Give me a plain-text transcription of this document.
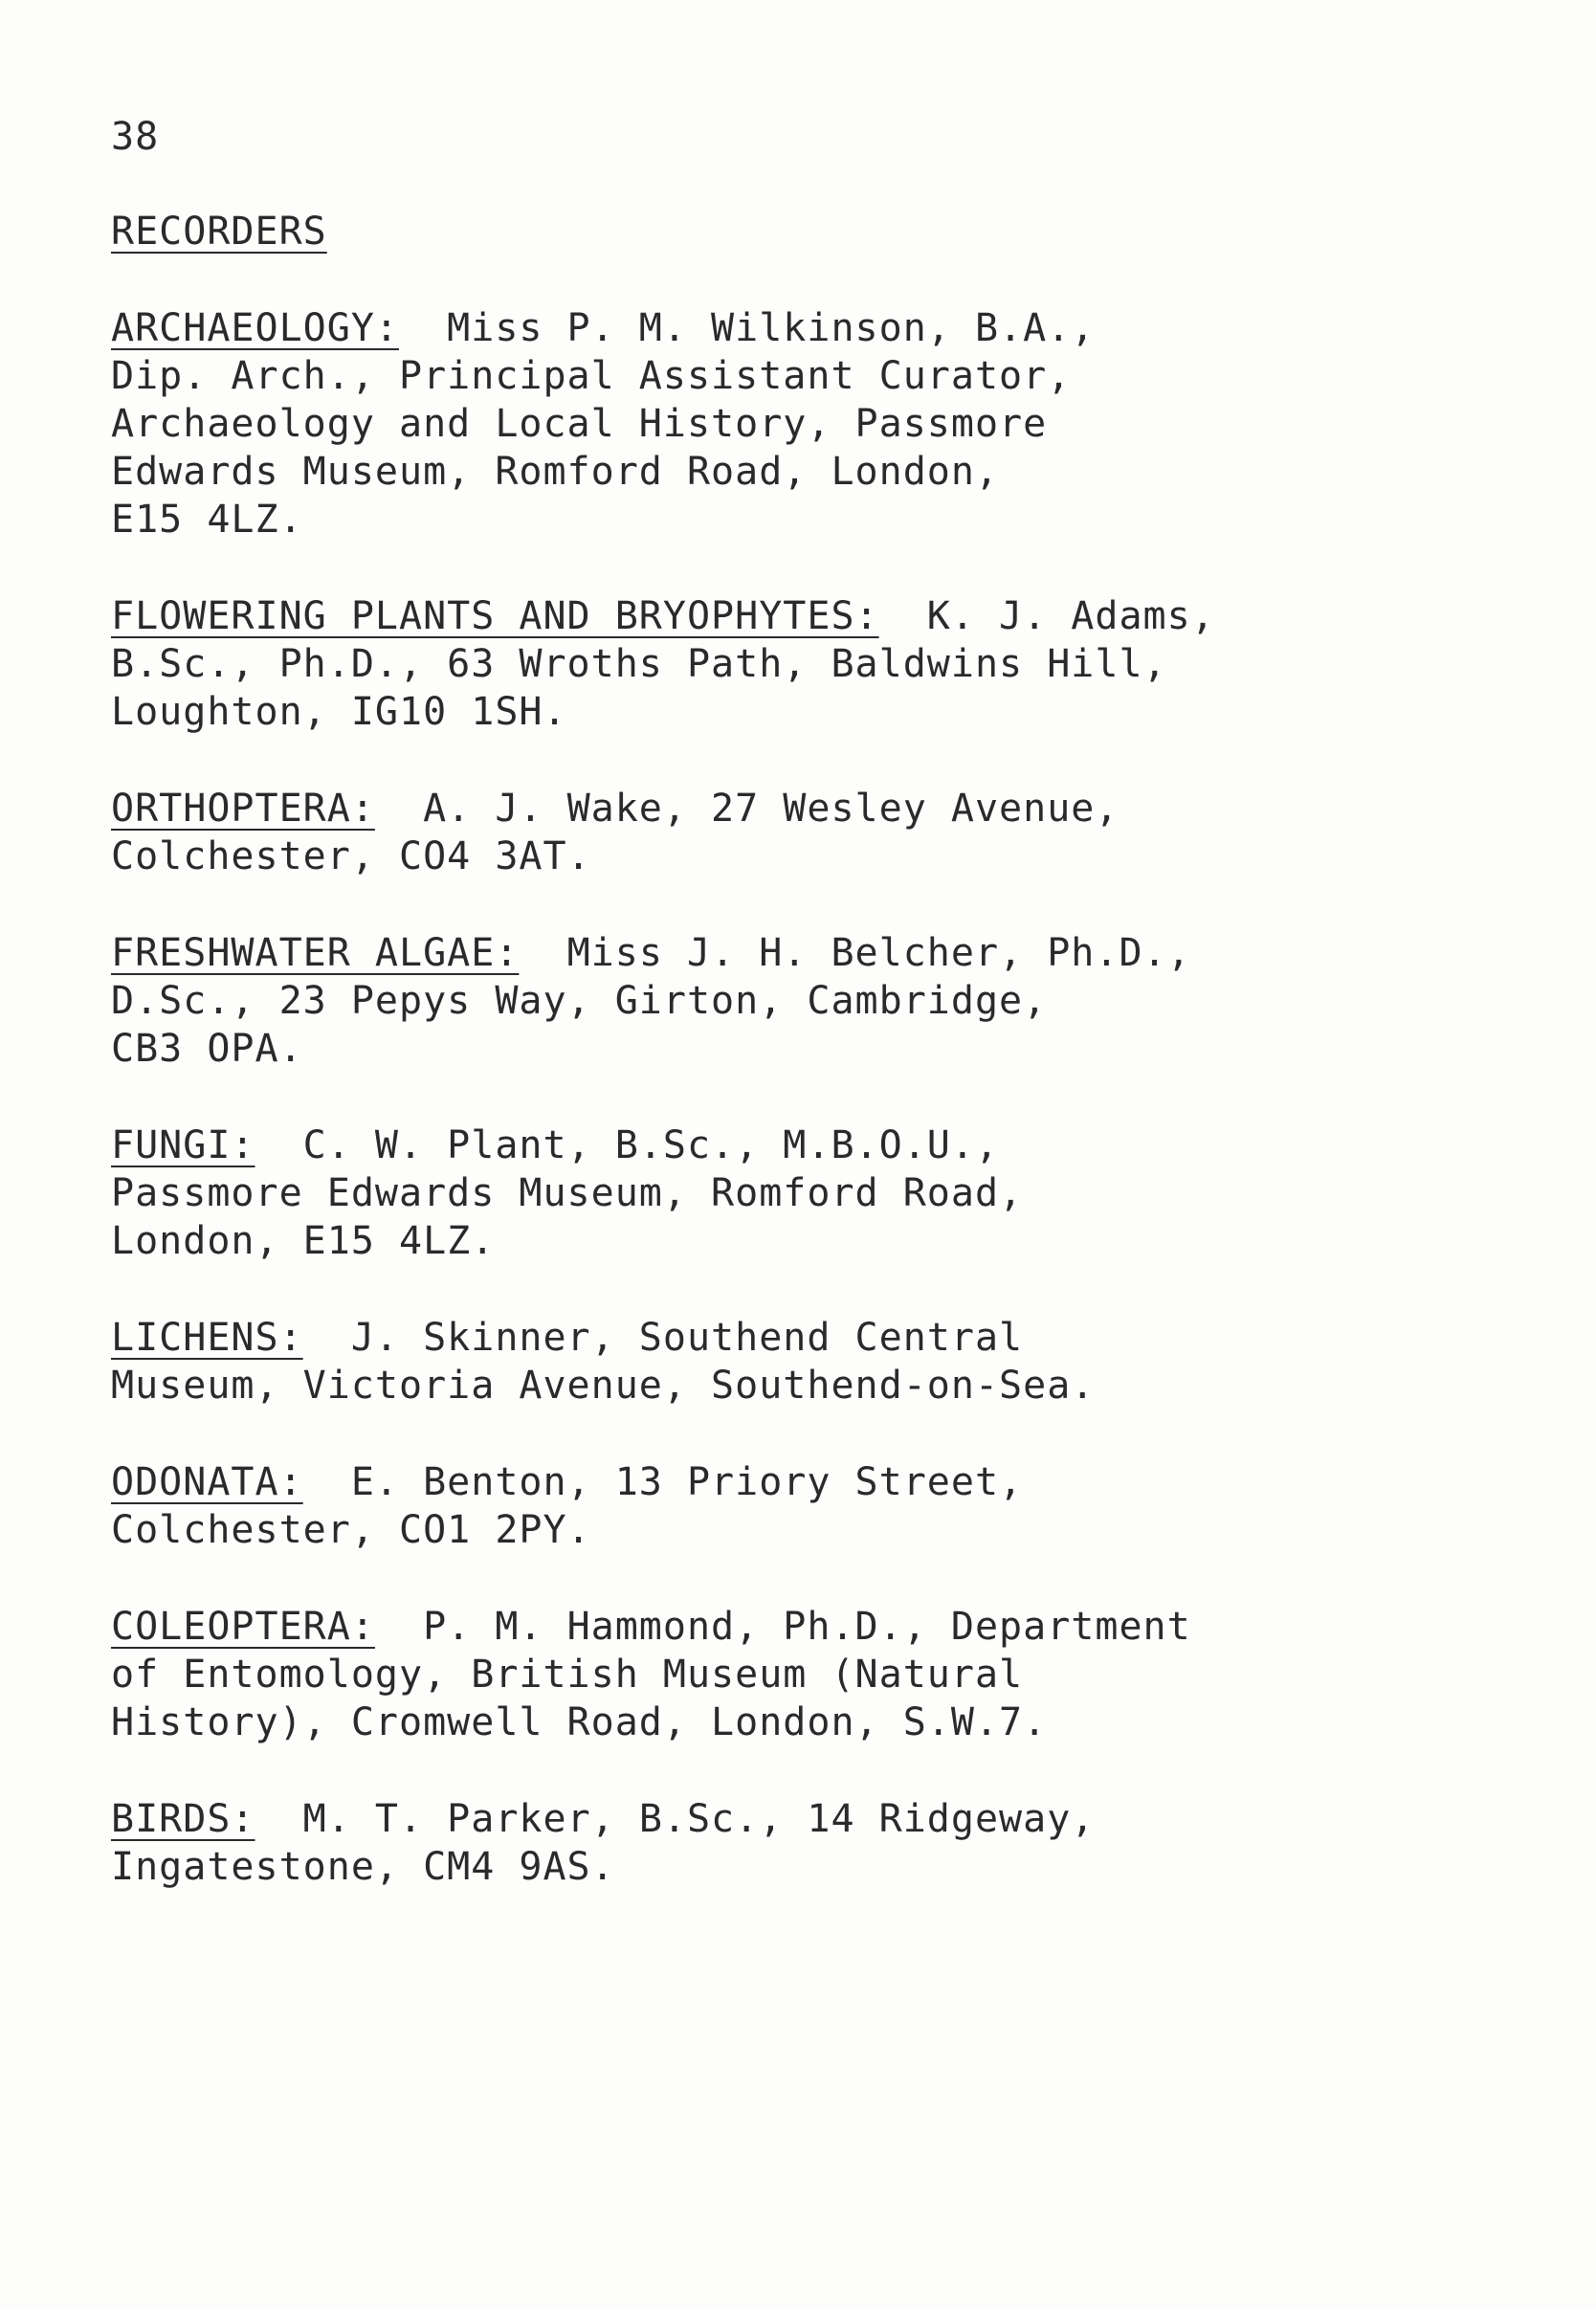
38
RECORDERS
ARCHAEOLOGY:  Miss P. M. Wilkinson, B.A.,
Dip. Arch., Principal Assistant Curator,
Archaeology and Local History, Passmore
Edwards Museum, Romford Road, London,
E15 4LZ.
FLOWERING PLANTS AND BRYOPHYTES:  K. J. Adams,
B.Sc., Ph.D., 63 Wroths Path, Baldwins Hill,
Loughton, IG10 1SH.
ORTHOPTERA:  A. J. Wake, 27 Wesley Avenue,
Colchester, CO4 3AT.
FRESHWATER ALGAE:  Miss J. H. Belcher, Ph.D.,
D.Sc., 23 Pepys Way, Girton, Cambridge,
CB3 OPA.
FUNGI:  C. W. Plant, B.Sc., M.B.O.U.,
Passmore Edwards Museum, Romford Road,
London, E15 4LZ.
LICHENS:  J. Skinner, Southend Central
Museum, Victoria Avenue, Southend-on-Sea.
ODONATA:  E. Benton, 13 Priory Street,
Colchester, CO1 2PY.
COLEOPTERA:  P. M. Hammond, Ph.D., Department
of Entomology, British Museum (Natural
History), Cromwell Road, London, S.W.7.
BIRDS:  M. T. Parker, B.Sc., 14 Ridgeway,
Ingatestone, CM4 9AS.
